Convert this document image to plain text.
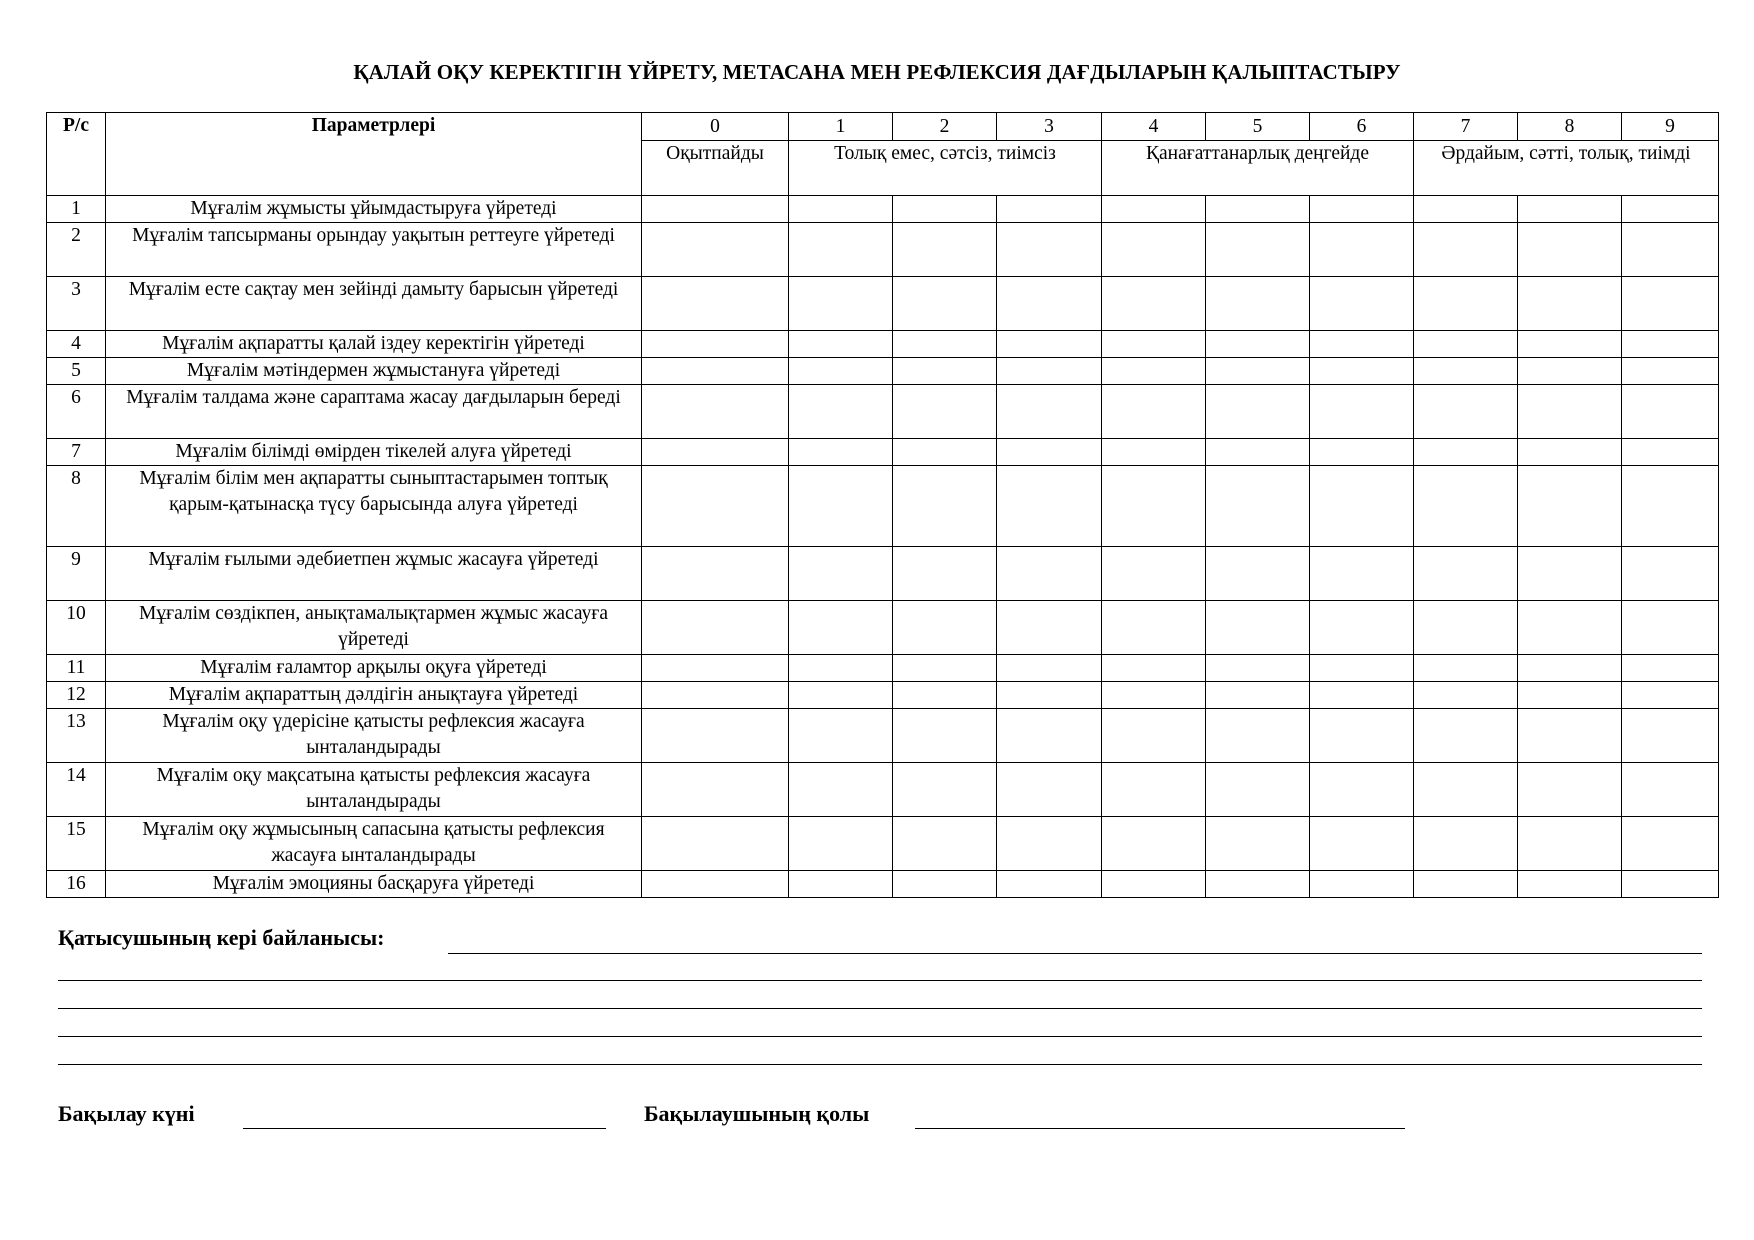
ҚАЛАЙ ОҚУ КЕРЕКТІГІН ҮЙРЕТУ, МЕТАСАНА МЕН РЕФЛЕКСИЯ ДАҒДЫЛАРЫН ҚАЛЫПТАСТЫРУ
Р/с	Параметрлері	0	1	2	3	4	5	6	7	8	9
		Оқытпайды	Толық емес, сәтсіз, тиімсіз			Қанағаттанарлық деңгейде			Әрдайым, сәтті, толық, тиімді		
1	Мұғалім жұмысты ұйымдастыруға үйретеді										
2	Мұғалім тапсырманы орындау уақытын реттеуге үйретеді										
3	Мұғалім есте сақтау мен зейінді дамыту барысын үйретеді										
4	Мұғалім ақпаратты қалай іздеу керектігін үйретеді										
5	Мұғалім мәтіндермен жұмыстануға үйретеді										
6	Мұғалім талдама және сараптама жасау дағдыларын береді										
7	Мұғалім білімді өмірден тікелей алуға үйретеді										
8	Мұғалім білім мен ақпаратты сыныптастарымен топтық қарым-қатынасқа түсу барысында алуға үйретеді										
9	Мұғалім ғылыми әдебиетпен жұмыс жасауға үйретеді										
10	Мұғалім сөздікпен, анықтамалықтармен жұмыс жасауға үйретеді										
11	Мұғалім ғаламтор арқылы оқуға үйретеді										
12	Мұғалім ақпараттың дәлдігін анықтауға үйретеді										
13	Мұғалім оқу үдерісіне қатысты рефлексия жасауға ынталандырады										
14	Мұғалім оқу мақсатына қатысты рефлексия жасауға ынталандырады										
15	Мұғалім оқу жұмысының сапасына қатысты рефлексия жасауға ынталандырады										
16	Мұғалім эмоцияны басқаруға үйретеді										
Қатысушының кері байланысы:
Бақылау күні	Бақылаушының қолы
